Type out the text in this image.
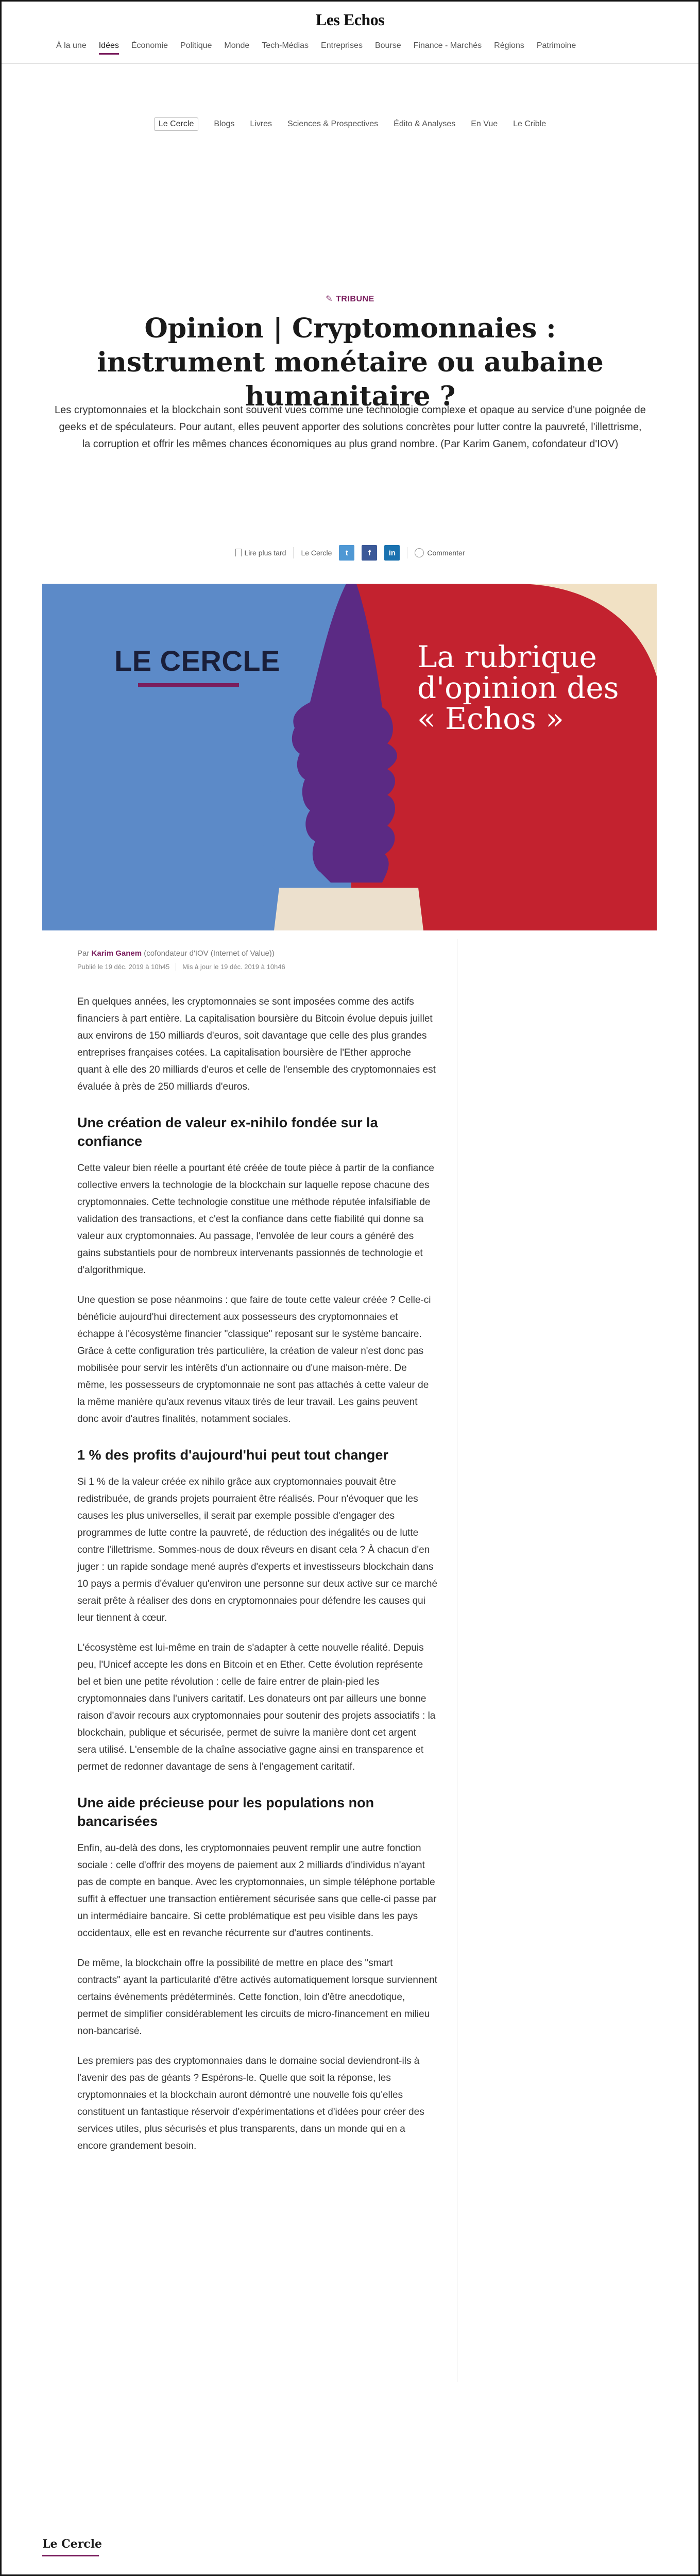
Les Echos
À la une	Idées	Économie	Politique	Monde	Tech-Médias	Entreprises	Bourse	Finance - Marchés	Régions	Patrimoine
Le Cercle	Blogs Livres Sciences & Prospectives Édito & Analyses En Vue Le Crible
✎ TRIBUNE
Opinion | Cryptomonnaies : instrument monétaire ou aubaine humanitaire ?

Les cryptomonnaies et la blockchain sont souvent vues comme une technologie complexe et opaque au service d'une poignée de geeks et de spéculateurs. Pour autant, elles peuvent apporter des solutions concrètes pour lutter contre la pauvreté, l'illettrisme, la corruption et offrir les mêmes chances économiques au plus grand nombre. (Par Karim Ganem, cofondateur d'IOV)

Lire plus tard Le Cercle t	f in	Commenter
LE CERCLE	La rubrique d'opinion des « Echos »
Par Karim Ganem (cofondateur d'IOV (Internet of Value))
Publié le 19 déc. 2019 à 10h45 Mis à jour le 19 déc. 2019 à 10h46

En quelques années, les cryptomonnaies se sont imposées comme des actifs financiers à part entière. La capitalisation boursière du Bitcoin évolue depuis juillet aux environs de 150 milliards d'euros, soit davantage que celle des plus grandes entreprises françaises cotées. La capitalisation boursière de l'Ether approche quant à elle des 20 milliards d'euros et celle de l'ensemble des cryptomonnaies est évaluée à près de 250 milliards d'euros.

Une création de valeur ex-nihilo fondée sur la confiance

Cette valeur bien réelle a pourtant été créée de toute pièce à partir de la confiance collective envers la technologie de la blockchain sur laquelle repose chacune des cryptomonnaies. Cette technologie constitue une méthode réputée infalsifiable de validation des transactions, et c'est la confiance dans cette fiabilité qui donne sa valeur aux cryptomonnaies. Au passage, l'envolée de leur cours a généré des gains substantiels pour de nombreux intervenants passionnés de technologie et d'algorithmique.

Une question se pose néanmoins : que faire de toute cette valeur créée ? Celle-ci bénéficie aujourd'hui directement aux possesseurs des cryptomonnaies et échappe à l'écosystème financier "classique" reposant sur le système bancaire. Grâce à cette configuration très particulière, la création de valeur n'est donc pas mobilisée pour servir les intérêts d'un actionnaire ou d'une maison-mère. De même, les possesseurs de cryptomonnaie ne sont pas attachés à cette valeur de la même manière qu'aux revenus vitaux tirés de leur travail. Les gains peuvent donc avoir d'autres finalités, notamment sociales.

1 % des profits d'aujourd'hui peut tout changer

Si 1 % de la valeur créée ex nihilo grâce aux cryptomonnaies pouvait être redistribuée, de grands projets pourraient être réalisés. Pour n'évoquer que les causes les plus universelles, il serait par exemple possible d'engager des programmes de lutte contre la pauvreté, de réduction des inégalités ou de lutte contre l'illettrisme. Sommes-nous de doux rêveurs en disant cela ? À chacun d'en juger : un rapide sondage mené auprès d'experts et investisseurs blockchain dans 10 pays a permis d'évaluer qu'environ une personne sur deux active sur ce marché serait prête à réaliser des dons en cryptomonnaies pour défendre les causes qui leur tiennent à cœur.

L'écosystème est lui-même en train de s'adapter à cette nouvelle réalité. Depuis peu, l'Unicef accepte les dons en Bitcoin et en Ether. Cette évolution représente bel et bien une petite révolution : celle de faire entrer de plain-pied les cryptomonnaies dans l'univers caritatif. Les donateurs ont par ailleurs une bonne raison d'avoir recours aux cryptomonnaies pour soutenir des projets associatifs : la blockchain, publique et sécurisée, permet de suivre la manière dont cet argent sera utilisé. L'ensemble de la chaîne associative gagne ainsi en transparence et permet de redonner davantage de sens à l'engagement caritatif.

Une aide précieuse pour les populations non bancarisées

Enfin, au-delà des dons, les cryptomonnaies peuvent remplir une autre fonction sociale : celle d'offrir des moyens de paiement aux 2 milliards d'individus n'ayant pas de compte en banque. Avec les cryptomonnaies, un simple téléphone portable suffit à effectuer une transaction entièrement sécurisée sans que celle-ci passe par un intermédiaire bancaire. Si cette problématique est peu visible dans les pays occidentaux, elle est en revanche récurrente sur d'autres continents.

De même, la blockchain offre la possibilité de mettre en place des "smart contracts" ayant la particularité d'être activés automatiquement lorsque surviennent certains événements prédéterminés. Cette fonction, loin d'être anecdotique, permet de simplifier considérablement les circuits de micro-financement en milieu non-bancarisé.

Les premiers pas des cryptomonnaies dans le domaine social deviendront-ils à l'avenir des pas de géants ? Espérons-le. Quelle que soit la réponse, les cryptomonnaies et la blockchain auront démontré une nouvelle fois qu'elles constituent un fantastique réservoir d'expérimentations et d'idées pour créer des services utiles, plus sécurisés et plus transparents, dans un monde qui en a encore grandement besoin.

Le Cercle
